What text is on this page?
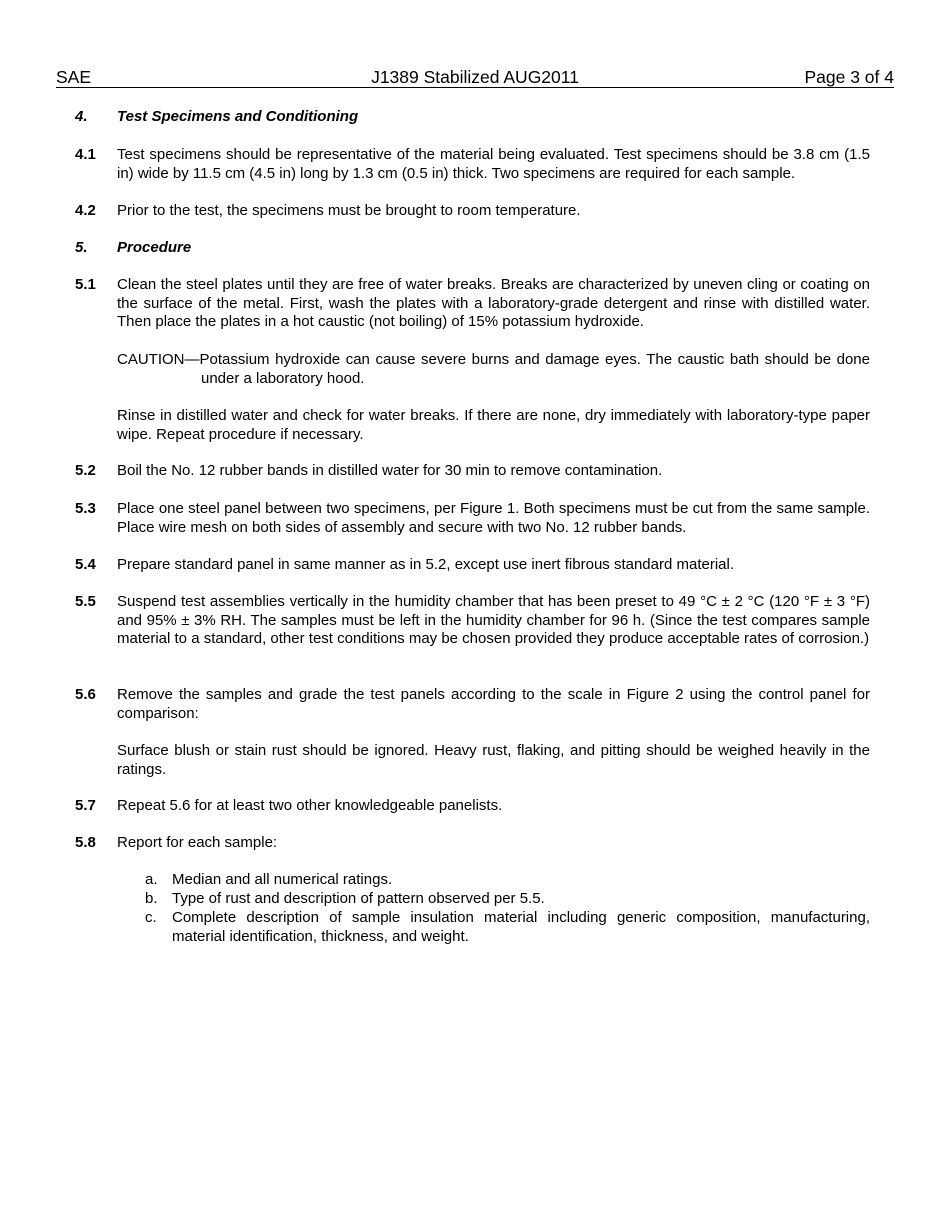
SAE	J1389 Stabilized AUG2011	Page 3 of 4
4. Test Specimens and Conditioning
4.1 Test specimens should be representative of the material being evaluated. Test specimens should be 3.8 cm (1.5 in) wide by 11.5 cm (4.5 in) long by 1.3 cm (0.5 in) thick. Two specimens are required for each sample.
4.2 Prior to the test, the specimens must be brought to room temperature.
5. Procedure
5.1 Clean the steel plates until they are free of water breaks. Breaks are characterized by uneven cling or coating on the surface of the metal. First, wash the plates with a laboratory-grade detergent and rinse with distilled water. Then place the plates in a hot caustic (not boiling) of 15% potassium hydroxide.
CAUTION—Potassium hydroxide can cause severe burns and damage eyes. The caustic bath should be done under a laboratory hood.
Rinse in distilled water and check for water breaks. If there are none, dry immediately with laboratory-type paper wipe. Repeat procedure if necessary.
5.2 Boil the No. 12 rubber bands in distilled water for 30 min to remove contamination.
5.3 Place one steel panel between two specimens, per Figure 1. Both specimens must be cut from the same sample. Place wire mesh on both sides of assembly and secure with two No. 12 rubber bands.
5.4 Prepare standard panel in same manner as in 5.2, except use inert fibrous standard material.
5.5 Suspend test assemblies vertically in the humidity chamber that has been preset to 49 °C ± 2 °C (120 °F ± 3 °F) and 95% ± 3% RH. The samples must be left in the humidity chamber for 96 h. (Since the test compares sample material to a standard, other test conditions may be chosen provided they produce acceptable rates of corrosion.)
5.6 Remove the samples and grade the test panels according to the scale in Figure 2 using the control panel for comparison:
Surface blush or stain rust should be ignored. Heavy rust, flaking, and pitting should be weighed heavily in the ratings.
5.7 Repeat 5.6 for at least two other knowledgeable panelists.
5.8 Report for each sample:
a. Median and all numerical ratings.
b. Type of rust and description of pattern observed per 5.5.
c. Complete description of sample insulation material including generic composition, manufacturing, material identification, thickness, and weight.
